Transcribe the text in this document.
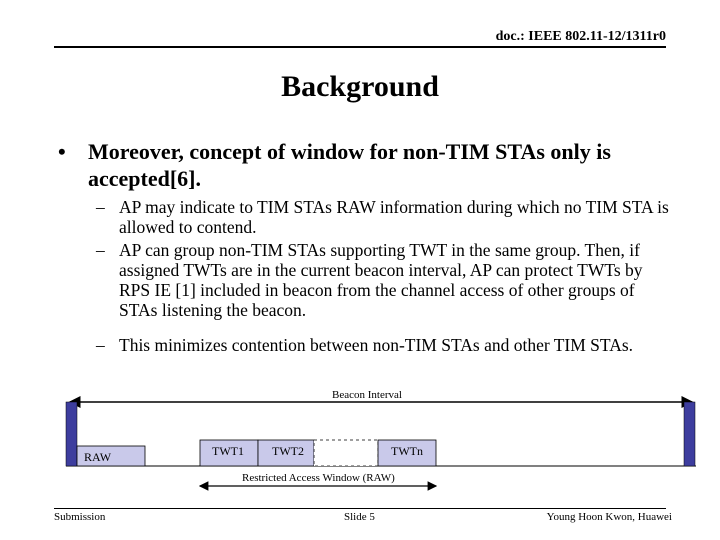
doc.: IEEE 802.11-12/1311r0
Background
• Moreover, concept of window for non-TIM STAs only is accepted[6].
– AP may indicate to TIM STAs RAW information during which no TIM STA is allowed to contend.
– AP can group non-TIM STAs supporting TWT in the same group. Then, if assigned TWTs are in the current beacon interval, AP can protect TWTs by RPS IE [1] included in beacon from the channel access of other groups of STAs listening the beacon.
– This minimizes contention between non-TIM STAs and other TIM STAs.
Beacon Interval
RAW	TWT1 TWT2	TWTn
Restricted Access Window (RAW)
Submission	Slide 5	Young Hoon Kwon, Huawei
